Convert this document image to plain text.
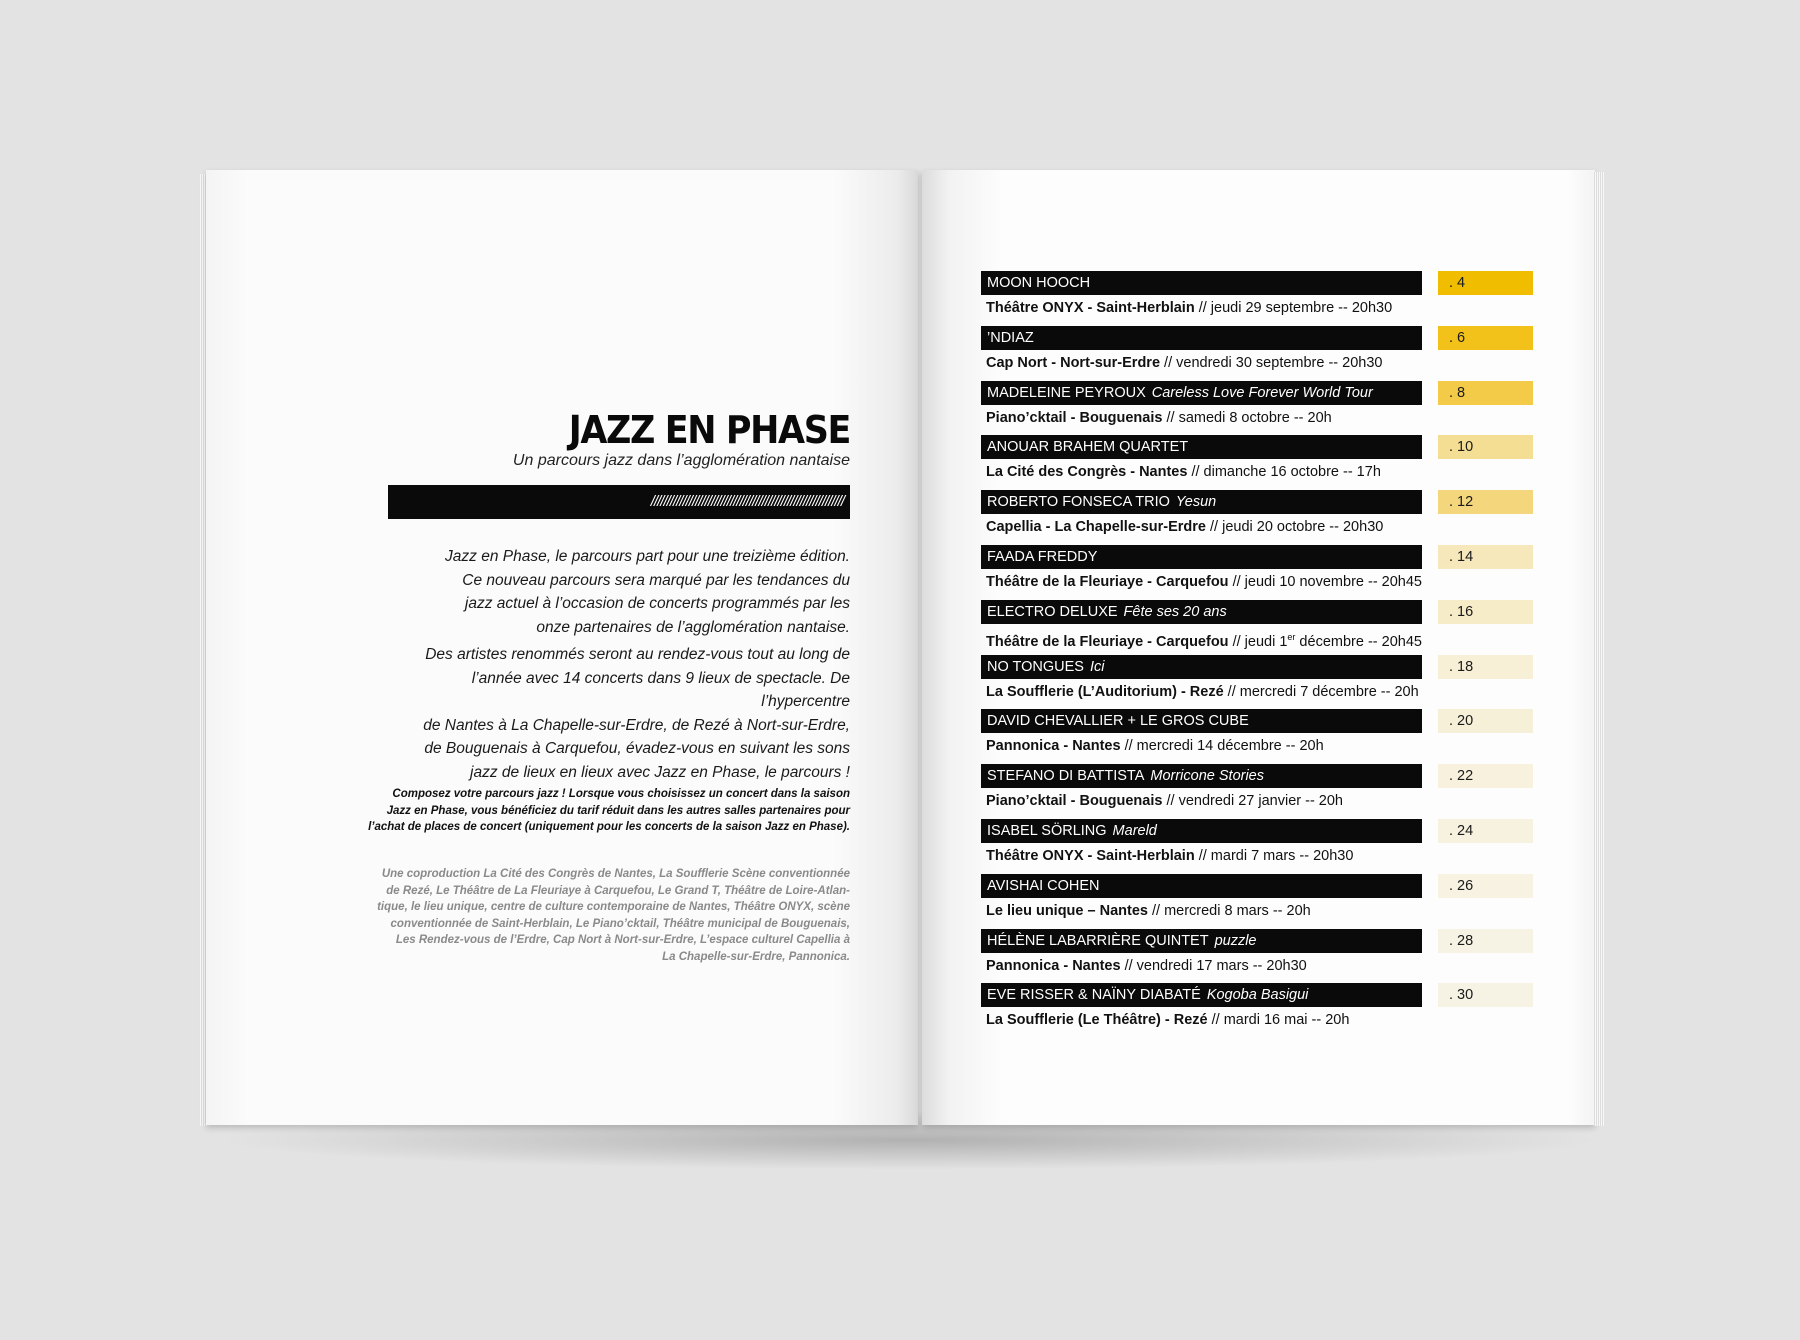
JAZZ EN PHASE
Un parcours jazz dans l’agglomération nantaise
/////////////////////////////////////////////////////////////

Jazz en Phase, le parcours part pour une treizième édition.
Ce nouveau parcours sera marqué par les tendances du
jazz actuel à l’occasion de concerts programmés par les
onze partenaires de l’agglomération nantaise.

Des artistes renommés seront au rendez-vous tout au long de
l’année avec 14 concerts dans 9 lieux de spectacle. De l’hypercentre
de Nantes à La Chapelle-sur-Erdre, de Rezé à Nort-sur-Erdre,
de Bouguenais à Carquefou, évadez-vous en suivant les sons
jazz de lieux en lieux avec Jazz en Phase, le parcours !

Composez votre parcours jazz ! Lorsque vous choisissez un concert dans la saison
Jazz en Phase, vous bénéficiez du tarif réduit dans les autres salles partenaires pour
l’achat de places de concert (uniquement pour les concerts de la saison Jazz en Phase).
Une coproduction La Cité des Congrès de Nantes, La Soufflerie Scène conventionnée
de Rezé, Le Théâtre de La Fleuriaye à Carquefou, Le Grand T, Théâtre de Loire-Atlan-
tique, le lieu unique, centre de culture contemporaine de Nantes, Théâtre ONYX, scène
conventionnée de Saint-Herblain, Le Piano’cktail, Théâtre municipal de Bouguenais,
Les Rendez-vous de l’Erdre, Cap Nort à Nort-sur-Erdre, L’espace culturel Capellia à
La Chapelle-sur-Erdre, Pannonica.
MOON HOOCH	. 4
Théâtre ONYX - Saint-Herblain // jeudi 29 septembre -- 20h30
’NDIAZ	. 6
Cap Nort - Nort-sur-Erdre // vendredi 30 septembre -- 20h30
MADELEINE PEYROUX Careless Love Forever World Tour	. 8
Piano’cktail - Bouguenais // samedi 8 octobre -- 20h
ANOUAR BRAHEM QUARTET	. 10
La Cité des Congrès - Nantes // dimanche 16 octobre -- 17h
ROBERTO FONSECA TRIO Yesun	. 12
Capellia - La Chapelle-sur-Erdre // jeudi 20 octobre -- 20h30
FAADA FREDDY	. 14
Théâtre de la Fleuriaye - Carquefou // jeudi 10 novembre -- 20h45
ELECTRO DELUXE Fête ses 20 ans	. 16
Théâtre de la Fleuriaye - Carquefou // jeudi 1er décembre -- 20h45
NO TONGUES Ici	. 18
La Soufflerie (L’Auditorium) - Rezé // mercredi 7 décembre -- 20h
DAVID CHEVALLIER + LE GROS CUBE	. 20
Pannonica - Nantes // mercredi 14 décembre -- 20h
STEFANO DI BATTISTA Morricone Stories	. 22
Piano’cktail - Bouguenais // vendredi 27 janvier -- 20h
ISABEL SÖRLING Mareld	. 24
Théâtre ONYX - Saint-Herblain // mardi 7 mars -- 20h30
AVISHAI COHEN	. 26
Le lieu unique – Nantes // mercredi 8 mars -- 20h
HÉLÈNE LABARRIÈRE QUINTET puzzle	. 28
Pannonica - Nantes // vendredi 17 mars -- 20h30
EVE RISSER & NAÏNY DIABATÉ Kogoba Basigui	. 30
La Soufflerie (Le Théâtre) - Rezé // mardi 16 mai -- 20h
